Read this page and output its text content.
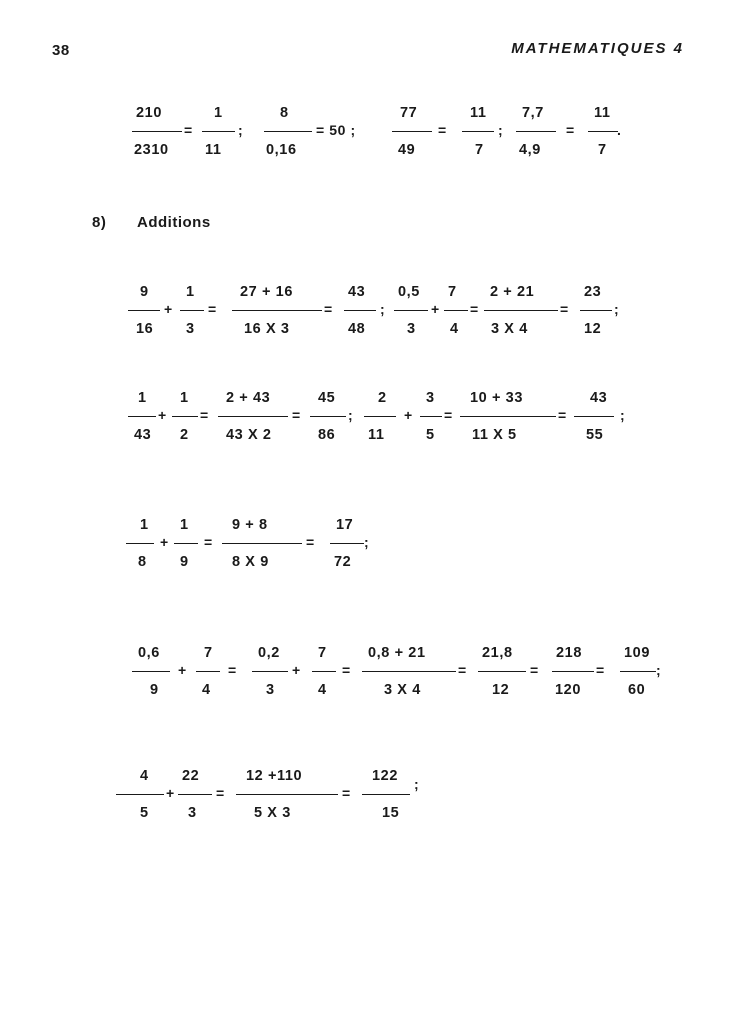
38	MATHEMATIQUES 4
210
2310
=
1
11
;
8
0,16
= 50 ;
77
49
=
11
7
;
7,7
4,9
=
11
7
.
8) Additions
9
16
+
1
3
=
27 + 16
16 X 3
=
43
48
;
0,5
3
+
7
4
=
2 + 21
3 X 4
=
23
12
;
1
43
+
1
2
=
2 + 43
43 X 2
=
45
86
;
2
11
+
3
5
=
10 + 33
11 X 5
=
43
55
;
1
8
+
1
9
=
9 + 8
8 X 9
=
17
72
;
0,6
9
+
7
4
=
0,2
3
+
7
4
=
0,8 + 21
3 X 4
=
21,8
12
=
218
120
=
109
60
;
4
5
+
22
3
=
12 +110
5 X 3
=
122
15
;
